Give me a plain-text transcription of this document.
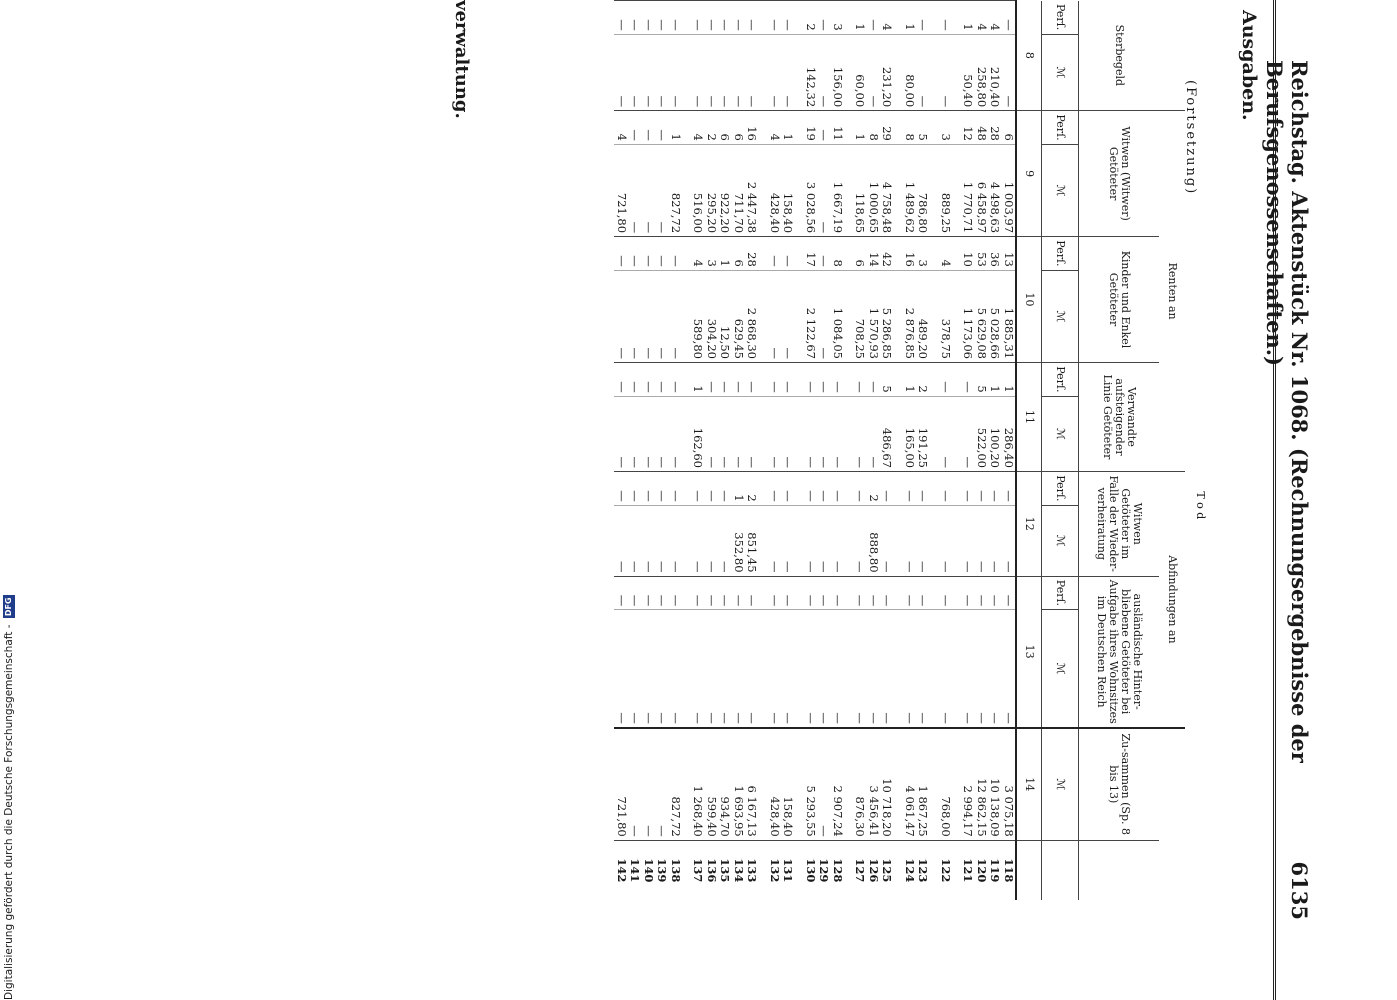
Digitalisierung gefördert durch die Deutsche Forschungsgemeinschaft - DFG	Reichstag. Aktenstück Nr. 1068. (Rechnungsergebnisse der Berufsgenossenschaften.)
6135
Ausgaben.
(Fortsetzung)
		T o d											
		Renten an						Abfindungen an					
Sterbegeld		Witwen (Witwer) Getöteter		Kinder und Enkel Getöteter		Verwandte aufsteigender Linie Getöteter		Witwen Getöteter im Falle der Wieder-verheiratung		ausländische Hinter-bliebene Getöteter bei Aufgabe ihres Wohnsitzes im Deutschen Reich		Zu-sammen (Sp. 8 bis 13)	
Perſ.	ℳ	Perſ.	ℳ	Perſ.	ℳ	Perſ.	ℳ	Perſ.	ℳ	Perſ.	ℳ	ℳ	
8		9		10		11		12		13		14	
—	—	6	1 003,97	13	1 885,31	1	286,40	—	—	—	—	3 075,18	118
4	210,40	28	4 498,63	36	5 028,66	1	100,20	—	—	—	—	10 138,09	119
4	258,80	48	6 458,97	53	5 629,08	5	522,00	—	—	—	—	12 862,15	120
1	50,40	12	1 770,71	10	1 173,06	—	—	—	—	—	—	2 994,17	121

—	—	3	889,25	4	378,75	—	—	—	—	—	—	768,00	122

—	—	5	786,80	3	489,20	2	191,25	—	—	—	—	1 867,25	123
1	80,00	8	1 489,62	16	2 876,85	1	165,00	—	—	—	—	4 061,47	124

4	231,20	29	4 758,48	42	5 286,85	5	486,67	—	—	—	—	10 718,20	125
—	—	8	1 000,65	14	1 570,93	—	—	2	888,80	—	—	3 456,41	126
1	60,00	1	118,65	6	708,25	—	—	—	—	—	—	876,30	127

3	156,00	11	1 667,19	8	1 084,05	—	—	—	—	—	—	2 907,24	128
—	—	—	—	—	—	—	—	—	—	—	—	—	129
2	142,32	19	3 028,56	17	2 122,67	—	—	—	—	—	—	5 293,55	130

—	—	1	158,40	—	—	—	—	—	—	—	—	158,40	131
—	—	4	428,40	—	—	—	—	—	—	—	—	428,40	132

—	—	16	2 447,38	28	2 868,30	—	—	2	851,45	—	—	6 167,13	133
—	—	6	711,70	6	629,45	—	—	1	352,80	—	—	1 693,95	134
—	—	6	922,20	1	12,50	—	—	—	—	—	—	934,70	135
—	—	2	295,20	3	304,20	—	—	—	—	—	—	599,40	136
—	—	4	516,00	4	589,80	1	162,60	—	—	—	—	1 268,40	137

—	—	1	827,72	—	—	—	—	—	—	—	—	827,72	138
—	—	—	—	—	—	—	—	—	—	—	—	—	139
—	—	—	—	—	—	—	—	—	—	—	—	—	140
—	—	—	—	—	—	—	—	—	—	—	—	—	141
—	—	4	721,80	—	—	—	—	—	—	—	—	721,80	142
verwaltung.
